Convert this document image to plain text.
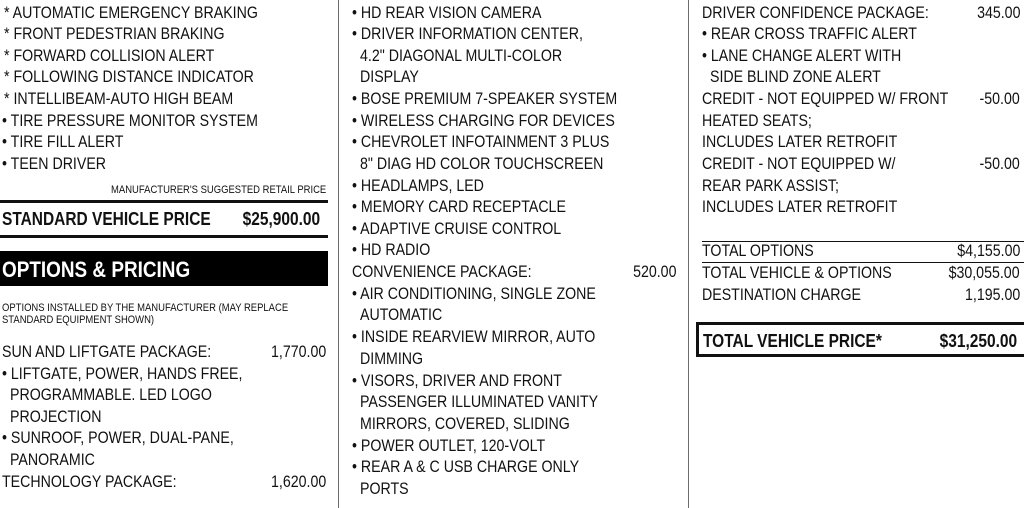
* AUTOMATIC EMERGENCY BRAKING
* FRONT PEDESTRIAN BRAKING
* FORWARD COLLISION ALERT
* FOLLOWING DISTANCE INDICATOR
* INTELLIBEAM-AUTO HIGH BEAM
• TIRE PRESSURE MONITOR SYSTEM
• TIRE FILL ALERT
• TEEN DRIVER
MANUFACTURER'S SUGGESTED RETAIL PRICE
STANDARD VEHICLE PRICE $25,900.00
OPTIONS & PRICING
OPTIONS INSTALLED BY THE MANUFACTURER (MAY REPLACE
STANDARD EQUIPMENT SHOWN)
SUN AND LIFTGATE PACKAGE:	1,770.00
• LIFTGATE, POWER, HANDS FREE,
PROGRAMMABLE. LED LOGO
PROJECTION
• SUNROOF, POWER, DUAL-PANE,
PANORAMIC
TECHNOLOGY PACKAGE:	1,620.00
• HD REAR VISION CAMERA
• DRIVER INFORMATION CENTER,
4.2" DIAGONAL MULTI-COLOR
DISPLAY
• BOSE PREMIUM 7-SPEAKER SYSTEM
• WIRELESS CHARGING FOR DEVICES
• CHEVROLET INFOTAINMENT 3 PLUS
8" DIAG HD COLOR TOUCHSCREEN
• HEADLAMPS, LED
• MEMORY CARD RECEPTACLE
• ADAPTIVE CRUISE CONTROL
• HD RADIO
CONVENIENCE PACKAGE:	520.00
• AIR CONDITIONING, SINGLE ZONE
AUTOMATIC
• INSIDE REARVIEW MIRROR, AUTO
DIMMING
• VISORS, DRIVER AND FRONT
PASSENGER ILLUMINATED VANITY
MIRRORS, COVERED, SLIDING
• POWER OUTLET, 120-VOLT
• REAR A & C USB CHARGE ONLY
PORTS
DRIVER CONFIDENCE PACKAGE:	345.00
• REAR CROSS TRAFFIC ALERT
• LANE CHANGE ALERT WITH
SIDE BLIND ZONE ALERT
CREDIT - NOT EQUIPPED W/ FRONT -50.00
HEATED SEATS;
INCLUDES LATER RETROFIT
CREDIT - NOT EQUIPPED W/	-50.00
REAR PARK ASSIST;
INCLUDES LATER RETROFIT
TOTAL OPTIONS	$4,155.00
TOTAL VEHICLE & OPTIONS	$30,055.00
DESTINATION CHARGE	1,195.00
TOTAL VEHICLE PRICE*	$31,250.00
